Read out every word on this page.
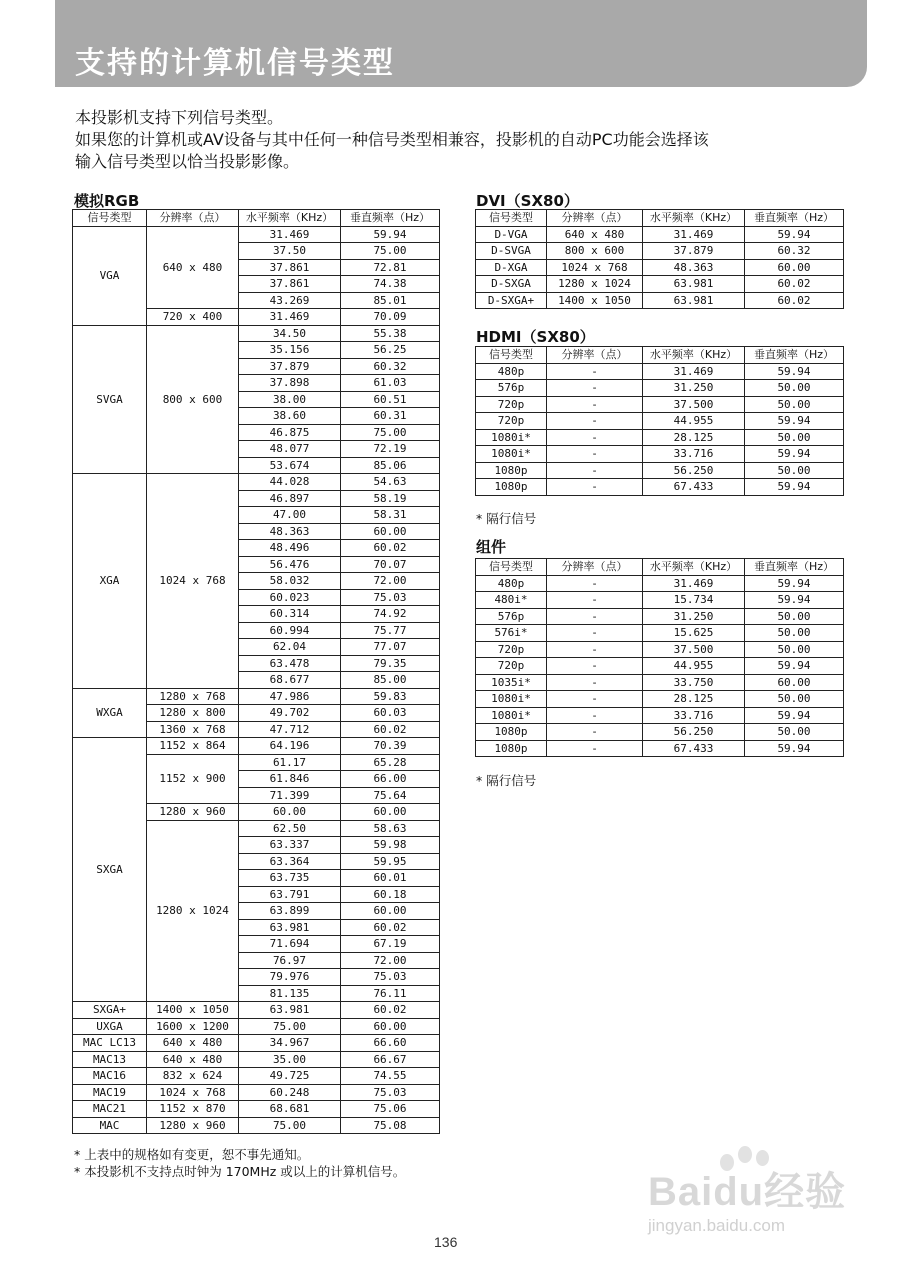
支持的计算机信号类型
本投影机支持下列信号类型。
如果您的计算机或AV设备与其中任何一种信号类型相兼容，投影机的自动PC功能会选择该
输入信号类型以恰当投影影像。
模拟RGB
信号类型	分辨率（点）	水平频率（KHz）	垂直频率（Hz）
VGA	640 x 480	31.469	59.94
		37.50	75.00
		37.861	72.81
		37.861	74.38
		43.269	85.01
	720 x 400	31.469	70.09
SVGA	800 x 600	34.50	55.38
		35.156	56.25
		37.879	60.32
		37.898	61.03
		38.00	60.51
		38.60	60.31
		46.875	75.00
		48.077	72.19
		53.674	85.06
XGA	1024 x 768	44.028	54.63
		46.897	58.19
		47.00	58.31
		48.363	60.00
		48.496	60.02
		56.476	70.07
		58.032	72.00
		60.023	75.03
		60.314	74.92
		60.994	75.77
		62.04	77.07
		63.478	79.35
		68.677	85.00
WXGA	1280 x 768	47.986	59.83
	1280 x 800	49.702	60.03
	1360 x 768	47.712	60.02
SXGA	1152 x 864	64.196	70.39
	1152 x 900	61.17	65.28
		61.846	66.00
		71.399	75.64
	1280 x 960	60.00	60.00
	1280 x 1024	62.50	58.63
		63.337	59.98
		63.364	59.95
		63.735	60.01
		63.791	60.18
		63.899	60.00
		63.981	60.02
		71.694	67.19
		76.97	72.00
		79.976	75.03
		81.135	76.11
SXGA+	1400 x 1050	63.981	60.02
UXGA	1600 x 1200	75.00	60.00
MAC LC13	640 x 480	34.967	66.60
MAC13	640 x 480	35.00	66.67
MAC16	832 x 624	49.725	74.55
MAC19	1024 x 768	60.248	75.03
MAC21	1152 x 870	68.681	75.06
MAC	1280 x 960	75.00	75.08
* 上表中的规格如有变更，恕不事先通知。
* 本投影机不支持点时钟为 170MHz 或以上的计算机信号。
DVI（SX80）
信号类型	分辨率（点）	水平频率（KHz）	垂直频率（Hz）
D-VGA	640 x 480	31.469	59.94
D-SVGA	800 x 600	37.879	60.32
D-XGA	1024 x 768	48.363	60.00
D-SXGA	1280 x 1024	63.981	60.02
D-SXGA+	1400 x 1050	63.981	60.02
HDMI（SX80）
信号类型	分辨率（点）	水平频率（KHz）	垂直频率（Hz）
480p	-	31.469	59.94
576p	-	31.250	50.00
720p	-	37.500	50.00
720p	-	44.955	59.94
1080i*	-	28.125	50.00
1080i*	-	33.716	59.94
1080p	-	56.250	50.00
1080p	-	67.433	59.94
* 隔行信号
组件
信号类型	分辨率（点）	水平频率（KHz）	垂直频率（Hz）
480p	-	31.469	59.94
480i*	-	15.734	59.94
576p	-	31.250	50.00
576i*	-	15.625	50.00
720p	-	37.500	50.00
720p	-	44.955	59.94
1035i*	-	33.750	60.00
1080i*	-	28.125	50.00
1080i*	-	33.716	59.94
1080p	-	56.250	50.00
1080p	-	67.433	59.94
* 隔行信号
Baidu经验
jingyan.baidu.com
136
